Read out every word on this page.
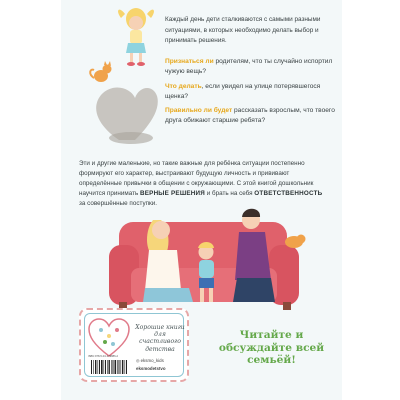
Каждый день дети сталкиваются с самыми разными ситуациями, в которых необходимо делать выбор и принимать решения.
Признаться ли родителям, что ты случайно испортил чужую вещь?
Что делать, если увидел на улице потерявшегося щенка?
Правильно ли будет рассказать взрослым, что твоего друга обижают старшие ребята?
Эти и другие маленькие, но такие важные для ребёнка ситуации постепенно формируют его характер, выстраивают будущую личность и прививают определённые привычки в общении с окружающими. С этой книгой дошкольник научится принимать ВЕРНЫЕ РЕШЕНИЯ и брать на себя ОТВЕТСТВЕННОСТЬ за совершённые поступки.
Хорошие книги для счастливого детства
ISBN 978-5-04-179886-2
◎ eksmo_kids
eksmodetstvo
Читайте и обсуждайте всей семьёй!
